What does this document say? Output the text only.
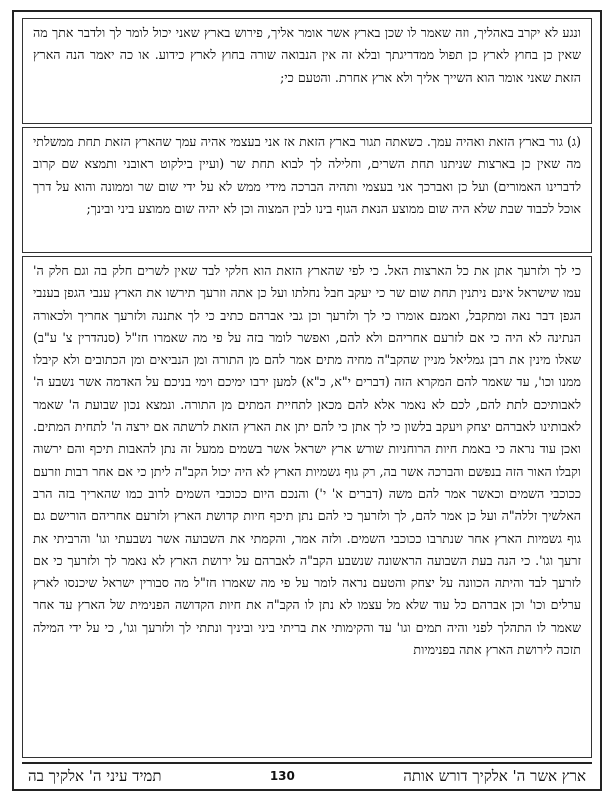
ונגע לא יקרב באהליך, וזה שאמר לו שכן בארץ אשר אומר אליך, פירוש בארץ שאני יכול לומר לך ולדבר אתך מה שאין כן בחוץ לארץ כן תפול ממדריגתך ובלא זה אין הנבואה שורה בחוץ לארץ כידוע. או כה יאמר הנה הארץ הזאת שאני אומר הוא השייך אליך ולא ארץ אחרת. והטעם כי;

(ג) גור בארץ הזאת ואהיה עמך. כשאתה תגור בארץ הזאת אז אני בעצמי אהיה עמך שהארץ הזאת תחת ממשלתי מה שאין כן בארצות שניתנו תחת השרים, וחלילה לך לבוא תחת שר (ועיין בילקוט ראובני ותמצא שם קרוב לדברינו האמורים) ועל כן ואברכך אני בעצמי ותהיה הברכה מידי ממש לא על ידי שום שר וממונה והוא על דרך אוכל לכבוד שבת שלא היה שום ממוצע הנאת הגוף בינו לבין המצוה וכן לא יהיה שום ממוצע ביני ובינך;

כי לך ולזרעך אתן את כל הארצות האל. כי לפי שהארץ הזאת הוא חלקי לבד שאין לשרים חלק בה וגם חלק ה' עמו שישראל אינם ניתנין תחת שום שר כי יעקב חבל נחלתו ועל כן אתה וזרעך תירשו את הארץ ענבי הגפן בענבי הגפן דבר נאה ומתקבל, ואמנם אומרו כי לך ולזרעך וכן גבי אברהם כתיב כי לך אתננה ולזרעך אחריך ולכאורה הנתינה לא היה כי אם לזרעם אחריהם ולא להם, ואפשר לומר בזה על פי מה שאמרו חז"ל (סנהדרין צ' ע"ב) שאלו מינין את רבן גמליאל מניין שהקב"ה מחיה מתים אמר להם מן התורה ומן הנביאים ומן הכתובים ולא קיבלו ממנו וכו', עד שאמר להם המקרא הזה (דברים י"א, כ"א) למען ירבו ימיכם וימי בניכם על האדמה אשר נשבע ה' לאבותיכם לתת להם, לכם לא נאמר אלא להם מכאן לתחיית המתים מן התורה. ונמצא נכון שבועת ה' שאמר לאבותינו לאברהם יצחק ויעקב בלשון כי לך אתן כי להם יתן את הארץ הזאת לרשתה אם ירצה ה' לתחית המתים. ואכן עוד נראה כי באמת חיות הרוחניות שורש ארץ ישראל אשר בשמים ממעל זה נתן להאבות תיכף והם ירשוה וקבלו האור הזה בנפשם והברכה אשר בה, רק גוף גשמיות הארץ לא היה יכול הקב"ה ליתן כי אם אחר רבות וזרעם ככוכבי השמים וכאשר אמר להם משה (דברים א' י') והנכם היום ככוכבי השמים לרוב כמו שהאריך בזה הרב האלשיך זללה"ה ועל כן אמר להם, לך ולזרעך כי להם נתן תיכף חיות קדושת הארץ ולזרעם אחריהם הורישם גם גוף גשמיות הארץ אחר שנתרבו ככוכבי השמים. ולזה אמר, והקמתי את השבועה אשר נשבעתי וגו' והרביתי את זרעך וגו'. כי הנה בעת השבועה הראשונה שנשבע הקב"ה לאברהם על ירושת הארץ לא נאמר לך ולזרעך כי אם לזרעך לבד והיתה הכוונה על יצחק והטעם נראה לומר על פי מה שאמרו חז"ל מה סבורין ישראל שיכנסו לארץ ערלים וכו' וכן אברהם כל עוד שלא מל עצמו לא נתן לו הקב"ה את חיות הקדושה הפנימית של הארץ עד אחר שאמר לו התהלך לפני והיה תמים וגו' עד והקימותי את בריתי ביני וביניך ונתתי לך ולזרעך וגו', כי על ידי המילה תזכה לירושת הארץ אתה בפנימיות

ארץ אשר ה' אלקיך דורש אותה
130
תמיד עיני ה' אלקיך בה
